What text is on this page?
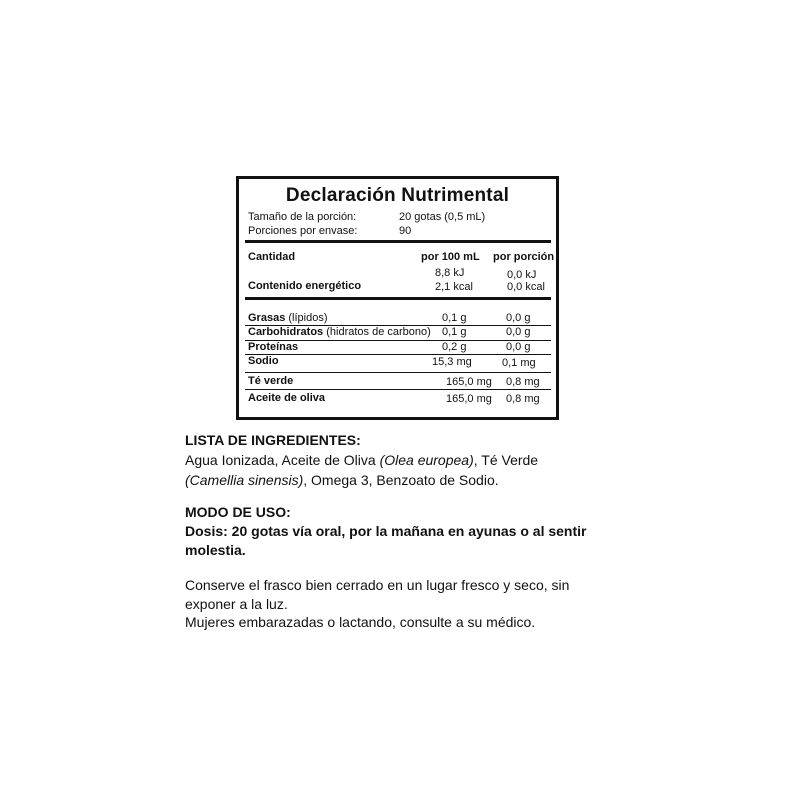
Declaración Nutrimental
Tamaño de la porción:	20 gotas (0,5 mL)
Porciones por envase:	90
Cantidad	por 100 mL por porción
8,8 kJ	0,0 kJ
Contenido energético	2,1 kcal	0,0 kcal
Grasas (lípidos)	0,1 g	0,0 g
Carbohidratos (hidratos de carbono) 0,1 g	0,0 g
Proteínas	0,2 g	0,0 g
Sodio	15,3 mg	0,1 mg
Té verde	165,0 mg 0,8 mg
Aceite de oliva	165,0 mg 0,8 mg
LISTA DE INGREDIENTES:
Agua Ionizada, Aceite de Oliva (Olea europea), Té Verde
(Camellia sinensis), Omega 3, Benzoato de Sodio.
MODO DE USO:
Dosis: 20 gotas vía oral, por la mañana en ayunas o al sentir
molestia.
Conserve el frasco bien cerrado en un lugar fresco y seco, sin
exponer a la luz.
Mujeres embarazadas o lactando, consulte a su médico.
